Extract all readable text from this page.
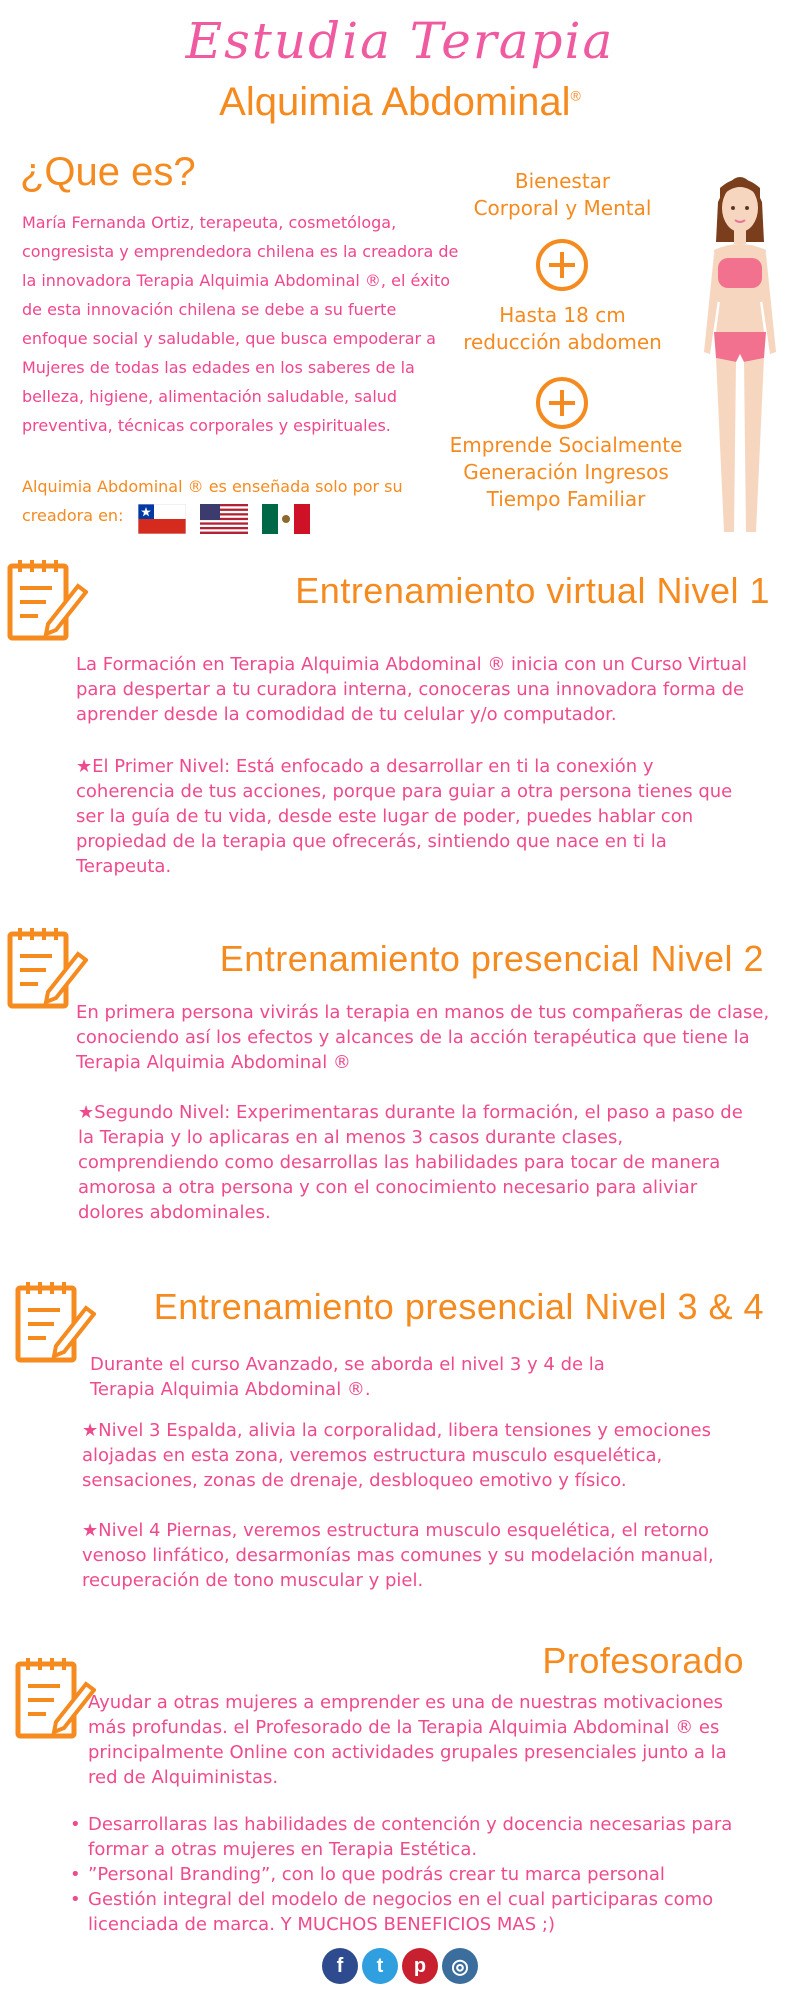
Estudia Terapia
Alquimia Abdominal®
¿Que es?
María Fernanda Ortiz, terapeuta, cosmetóloga, congresista y emprendedora chilena es la creadora de la innovadora Terapia Alquimia Abdominal ®, el éxito de esta innovación chilena se debe a su fuerte enfoque social y saludable, que busca empoderar a Mujeres de todas las edades en los saberes de la belleza, higiene, alimentación saludable, salud preventiva, técnicas corporales y espirituales.
Alquimia Abdominal ® es enseñada solo por su creadora en:
Bienestar
Corporal y Mental
Hasta 18 cm
reducción abdomen
Emprende Socialmente
Generación Ingresos
Tiempo Familiar
Entrenamiento virtual Nivel 1
La Formación en Terapia Alquimia Abdominal ® inicia con un Curso Virtual para despertar a tu curadora interna, conoceras una innovadora forma de aprender desde la comodidad de tu celular y/o computador.
★El Primer Nivel: Está enfocado a desarrollar en ti la conexión y coherencia de tus acciones, porque para guiar a otra persona tienes que ser la guía de tu vida, desde este lugar de poder, puedes hablar con propiedad de la terapia que ofrecerás, sintiendo que nace en ti la Terapeuta.
Entrenamiento presencial Nivel 2
En primera persona vivirás la terapia en manos de tus compañeras de clase, conociendo así los efectos y alcances de la acción terapéutica que tiene la Terapia Alquimia Abdominal ®
★Segundo Nivel: Experimentaras durante la formación, el paso a paso de la Terapia y lo aplicaras en al menos 3 casos durante clases, comprendiendo como desarrollas las habilidades para tocar de manera amorosa a otra persona y con el conocimiento necesario para aliviar dolores abdominales.
Entrenamiento presencial Nivel 3 & 4
Durante el curso Avanzado, se aborda el nivel 3 y 4 de la Terapia Alquimia Abdominal ®.
★Nivel 3 Espalda, alivia la corporalidad, libera tensiones y emociones alojadas en esta zona, veremos estructura musculo esquelética, sensaciones, zonas de drenaje, desbloqueo emotivo y físico.
★Nivel 4 Piernas, veremos estructura musculo esquelética, el retorno venoso linfático, desarmonías mas comunes y su modelación manual, recuperación de tono muscular y piel.
Profesorado
Ayudar a otras mujeres a emprender es una de nuestras motivaciones más profundas. el Profesorado de la Terapia Alquimia Abdominal ® es principalmente Online con actividades grupales presenciales junto a la red de Alquiministas.
• Desarrollaras las habilidades de contención y docencia necesarias para formar a otras mujeres en Terapia Estética.
• ”Personal Branding”, con lo que podrás crear tu marca personal
• Gestión integral del modelo de negocios en el cual participaras como licenciada de marca. Y MUCHOS BENEFICIOS MAS ;)
f	t	p	◎
